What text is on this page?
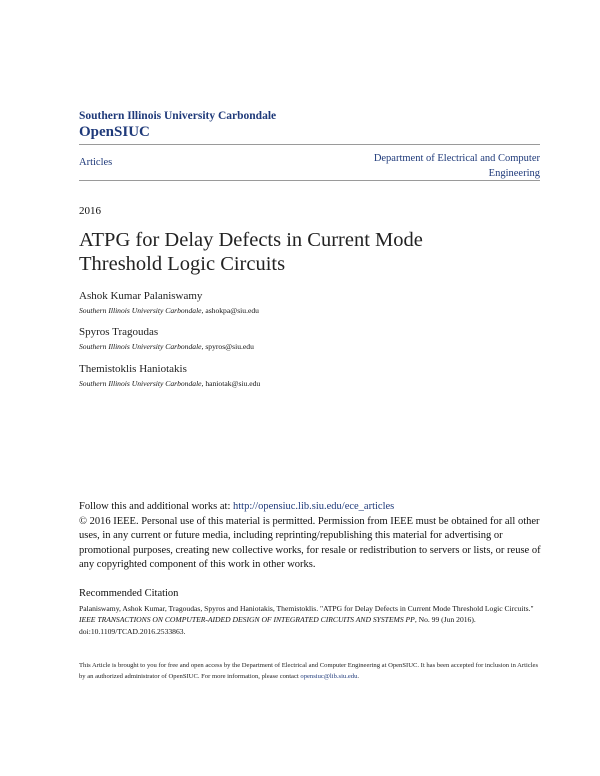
Southern Illinois University Carbondale
OpenSIUC
Articles	Department of Electrical and Computer Engineering
2016
ATPG for Delay Defects in Current Mode Threshold Logic Circuits
Ashok Kumar Palaniswamy
Southern Illinois University Carbondale, ashokpa@siu.edu
Spyros Tragoudas
Southern Illinois University Carbondale, spyros@siu.edu
Themistoklis Haniotakis
Southern Illinois University Carbondale, haniotak@siu.edu
Follow this and additional works at: http://opensiuc.lib.siu.edu/ece_articles
© 2016 IEEE. Personal use of this material is permitted. Permission from IEEE must be obtained for all other uses, in any current or future media, including reprinting/republishing this material for advertising or promotional purposes, creating new collective works, for resale or redistribution to servers or lists, or reuse of any copyrighted component of this work in other works.
Recommended Citation
Palaniswamy, Ashok Kumar, Tragoudas, Spyros and Haniotakis, Themistoklis. "ATPG for Delay Defects in Current Mode Threshold Logic Circuits." IEEE TRANSACTIONS ON COMPUTER-AIDED DESIGN OF INTEGRATED CIRCUITS AND SYSTEMS PP, No. 99 (Jun 2016). doi:10.1109/TCAD.2016.2533863.
This Article is brought to you for free and open access by the Department of Electrical and Computer Engineering at OpenSIUC. It has been accepted for inclusion in Articles by an authorized administrator of OpenSIUC. For more information, please contact opensiuc@lib.siu.edu.
